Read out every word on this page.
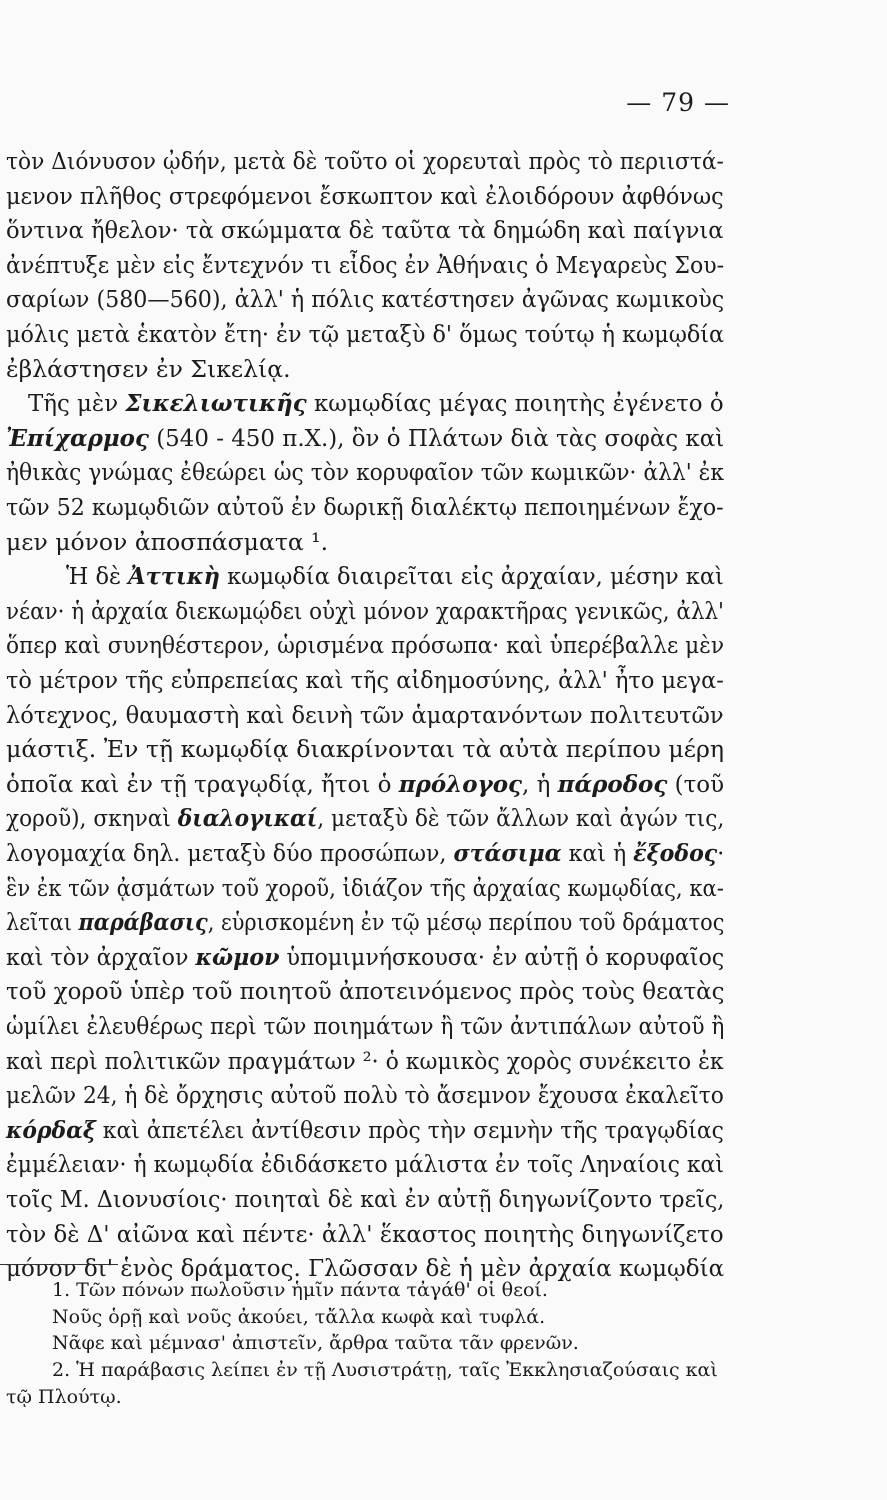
— 79 —
τὸν Διόνυσον ᾠδήν, μετὰ δὲ τοῦτο οἱ χορευταὶ πρὸς τὸ περιιστά-
μενον πλῆθος στρεφόμενοι ἔσκωπτον καὶ ἐλοιδόρουν ἀφθόνως
ὅντινα ἤθελον· τὰ σκώμματα δὲ ταῦτα τὰ δημώδη καὶ παίγνια
ἀνέπτυξε μὲν εἰς ἔντεχνόν τι εἶδος ἐν Ἀθήναις ὁ Μεγαρεὺς Σου-
σαρίων (580—560), ἀλλ' ἡ πόλις κατέστησεν ἀγῶνας κωμικοὺς
μόλις μετὰ ἑκατὸν ἔτη· ἐν τῷ μεταξὺ δ' ὅμως τούτῳ ἡ κωμῳδία
ἐβλάστησεν ἐν Σικελίᾳ.
Τῆς μὲν Σικελιωτικῆς κωμῳδίας μέγας ποιητὴς ἐγένετο ὁ
Ἐπίχαρμος (540 - 450 π.Χ.), ὃν ὁ Πλάτων διὰ τὰς σοφὰς καὶ
ἠθικὰς γνώμας ἐθεώρει ὡς τὸν κορυφαῖον τῶν κωμικῶν· ἀλλ' ἐκ
τῶν 52 κωμῳδιῶν αὐτοῦ ἐν δωρικῇ διαλέκτῳ πεποιημένων ἔχο-
μεν μόνον ἀποσπάσματα ¹.
Ἡ δὲ Ἀττικὴ κωμῳδία διαιρεῖται εἰς ἀρχαίαν, μέσην καὶ
νέαν· ἡ ἀρχαία διεκωμῴδει οὐχὶ μόνον χαρακτῆρας γενικῶς, ἀλλ'
ὅπερ καὶ συνηθέστερον, ὡρισμένα πρόσωπα· καὶ ὑπερέβαλλε μὲν
τὸ μέτρον τῆς εὐπρεπείας καὶ τῆς αἰδημοσύνης, ἀλλ' ἦτο μεγα-
λότεχνος, θαυμαστὴ καὶ δεινὴ τῶν ἁμαρτανόντων πολιτευτῶν
μάστιξ. Ἐν τῇ κωμῳδίᾳ διακρίνονται τὰ αὐτὰ περίπου μέρη
ὁποῖα καὶ ἐν τῇ τραγῳδίᾳ, ἤτοι ὁ πρόλογος, ἡ πάροδος (τοῦ
χοροῦ), σκηναὶ διαλογικαί, μεταξὺ δὲ τῶν ἄλλων καὶ ἀγών τις,
λογομαχία δηλ. μεταξὺ δύο προσώπων, στάσιμα καὶ ἡ ἔξοδος·
ἓν ἐκ τῶν ᾀσμάτων τοῦ χοροῦ, ἰδιάζον τῆς ἀρχαίας κωμῳδίας, κα-
λεῖται παράβασις, εὑρισκομένη ἐν τῷ μέσῳ περίπου τοῦ δράματος
καὶ τὸν ἀρχαῖον κῶμον ὑπομιμνήσκουσα· ἐν αὐτῇ ὁ κορυφαῖος
τοῦ χοροῦ ὑπὲρ τοῦ ποιητοῦ ἀποτεινόμενος πρὸς τοὺς θεατὰς
ὡμίλει ἐλευθέρως περὶ τῶν ποιημάτων ἢ τῶν ἀντιπάλων αὐτοῦ ἢ
καὶ περὶ πολιτικῶν πραγμάτων ²· ὁ κωμικὸς χορὸς συνέκειτο ἐκ
μελῶν 24, ἡ δὲ ὄρχησις αὐτοῦ πολὺ τὸ ἄσεμνον ἔχουσα ἐκαλεῖτο
κόρδαξ καὶ ἀπετέλει ἀντίθεσιν πρὸς τὴν σεμνὴν τῆς τραγῳδίας
ἐμμέλειαν· ἡ κωμῳδία ἐδιδάσκετο μάλιστα ἐν τοῖς Ληναίοις καὶ
τοῖς Μ. Διονυσίοις· ποιηταὶ δὲ καὶ ἐν αὐτῇ διηγωνίζοντο τρεῖς,
τὸν δὲ Δ' αἰῶνα καὶ πέντε· ἀλλ' ἕκαστος ποιητὴς διηγωνίζετο
μόνον δι' ἑνὸς δράματος. Γλῶσσαν δὲ ἡ μὲν ἀρχαία κωμῳδία
1. Τῶν πόνων πωλοῦσιν ἡμῖν πάντα τἀγάθ' οἱ θεοί.
Νοῦς ὁρῇ καὶ νοῦς ἀκούει, τἄλλα κωφὰ καὶ τυφλά.
Νᾶφε καὶ μέμνασ' ἀπιστεῖν, ἄρθρα ταῦτα τᾶν φρενῶν.
2. Ἡ παράβασις λείπει ἐν τῇ Λυσιστράτῃ, ταῖς Ἐκκλησιαζούσαις καὶ
τῷ Πλούτῳ.
